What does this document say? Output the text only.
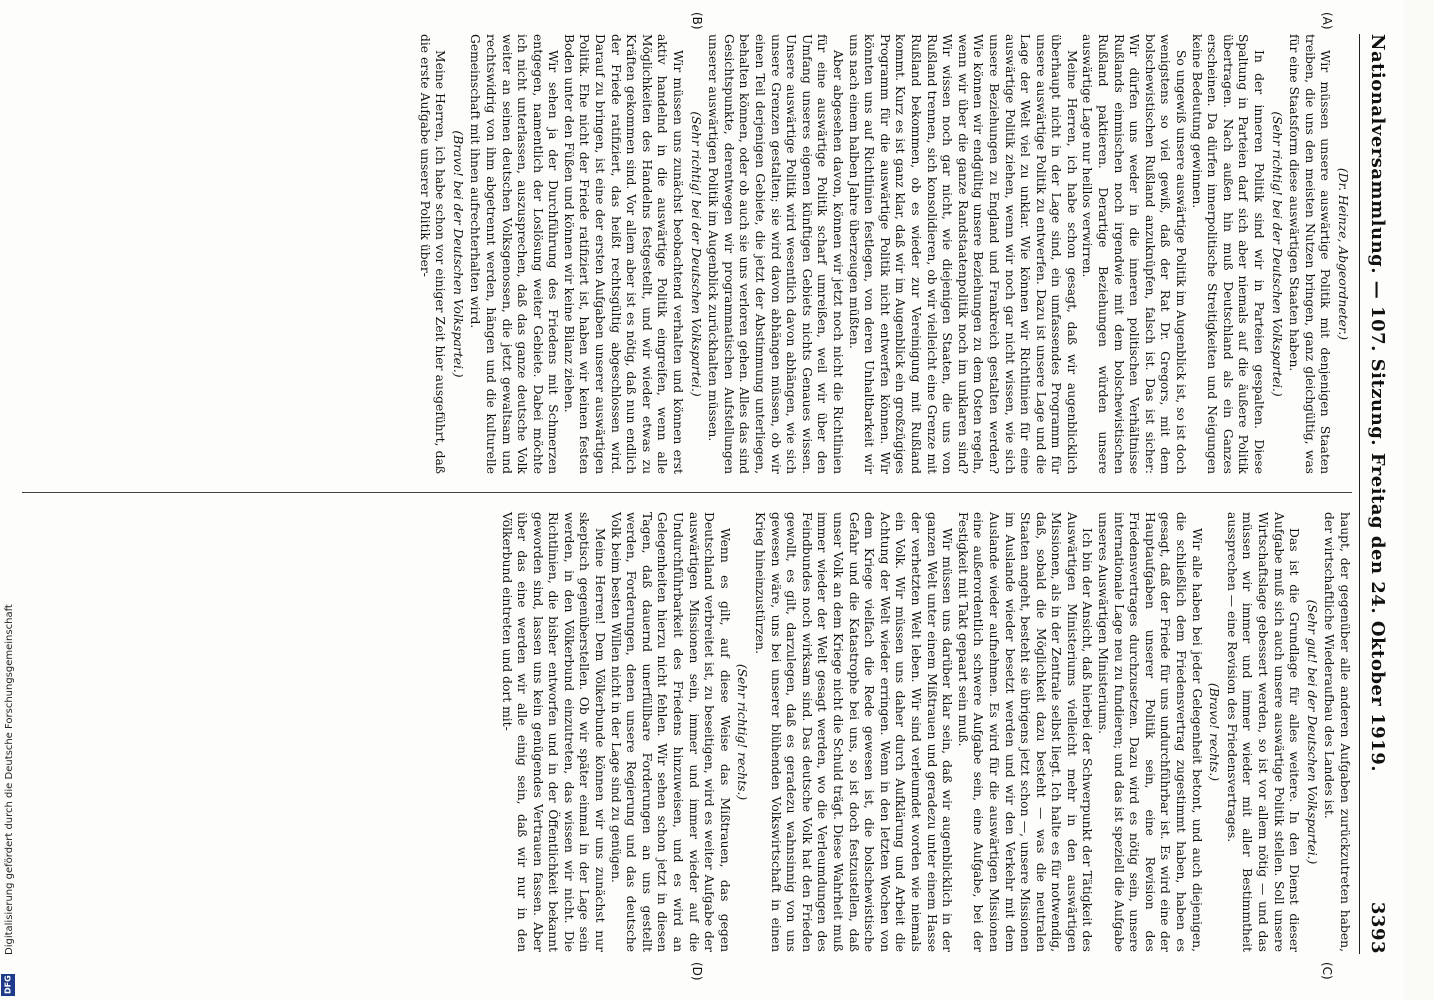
Nationalversammlung. — 107. Sitzung. Freitag den 24. Oktober 1919.
3393

(Dr. Heinze, Abgeordneter.)

Wir müssen unsere auswärtige Politik mit denjenigen Staaten treiben, die uns den meisten Nutzen bringen, ganz gleichgültig, was für eine Staatsform diese auswärtigen Staaten haben.

(Sehr richtig! bei der Deutschen Volkspartei.)

In der inneren Politik sind wir in Parteien gespalten. Diese Spaltung in Parteien darf sich aber niemals auf die äußere Politik übertragen. Nach außen hin muß Deutschland als ein Ganzes erscheinen. Da dürfen innerpolitische Streitigkeiten und Neigungen keine Bedeutung gewinnen.

So ungewiß unsere auswärtige Politik im Augenblick ist, so ist doch wenigstens so viel gewiß, daß der Rat Dr. Gregors, mit dem bolschewistischen Rußland anzuknüpfen, falsch ist. Das ist sicher: Wir dürfen uns weder in die inneren politischen Verhältnisse Rußlands einmischen noch irgendwie mit dem bolschewistischen Rußland paktieren. Derartige Beziehungen würden unsere auswärtige Lage nur heillos verwirren.

Meine Herren, ich habe schon gesagt, daß wir augenblicklich überhaupt nicht in der Lage sind, ein umfassendes Programm für unsere auswärtige Politik zu entwerfen. Dazu ist unsere Lage und die Lage der Welt viel zu unklar. Wie können wir Richtlinien für eine auswärtige Politik ziehen, wenn wir noch gar nicht wissen, wie sich unsere Beziehungen zu England und Frankreich gestalten werden? Wie können wir endgültig unsere Beziehungen zu dem Osten regeln, wenn wir über die ganze Randstaatenpolitik noch im unklaren sind? Wir wissen noch gar nicht, wie diejenigen Staaten, die uns von Rußland trennen, sich konsolidieren, ob wir vielleicht eine Grenze mit Rußland bekommen, ob es wieder zur Vereinigung mit Rußland kommt. Kurz es ist ganz klar, daß wir im Augenblick ein großzügiges Programm für die auswärtige Politik nicht entwerfen können. Wir könnten uns auf Richtlinien festlegen, von deren Unhaltbarkeit wir uns nach einem halben Jahre überzeugen müßten.

Aber abgesehen davon, können wir jetzt noch nicht die Richtlinien für eine auswärtige Politik scharf umreißen, weil wir über den Umfang unseres eigenen künftigen Gebiets nichts Genaues wissen. Unsere auswärtige Politik wird wesentlich davon abhängen, wie sich unsere Grenzen gestalten; sie wird davon abhängen müssen, ob wir einen Teil derjenigen Gebiete, die jetzt der Abstimmung unterliegen, behalten können, oder ob auch sie uns verloren gehen. Alles das sind Gesichtspunkte, derentwegen wir programmatischen Aufstellungen unserer auswärtigen Politik im Augenblick zurückhalten müssen.

(Sehr richtig! bei der Deutschen Volkspartei.)

Wir müssen uns zunächst beobachtend verhalten und können erst aktiv handelnd in die auswärtige Politik eingreifen, wenn alle Möglichkeiten des Handelns festgestellt, und wir wieder etwas zu Kräften gekommen sind. Vor allem aber ist es nötig, daß nun endlich der Friede ratifiziert, das heißt rechtsgültig abgeschlossen wird. Darauf zu bringen, ist eine der ersten Aufgaben unserer auswärtigen Politik. Ehe nicht der Friede ratifiziert ist, haben wir keinen festen Boden unter den Füßen und können wir keine Bilanz ziehen.

Wir sehen ja der Durchführung des Friedens mit Schmerzen entgegen, namentlich der Loslösung weiter Gebiete. Dabei möchte ich nicht unterlassen, auszusprechen, daß das ganze deutsche Volk weiter an seinen deutschen Volksgenossen, die jetzt gewaltsam und rechtswidrig von ihm abgetrennt werden, hängen und die kulturelle Gemeinschaft mit ihnen aufrechterhalten wird.

(Bravo! bei der Deutschen Volkspartei.)

Meine Herren, ich habe schon vor einiger Zeit hier ausgeführt, daß die erste Aufgabe unserer Politik über-

haupt, der gegenüber alle anderen Aufgaben zurückzutreten haben, der wirtschaftliche Wiederaufbau des Landes ist.

(Sehr gut! bei der Deutschen Volkspartei.)

Das ist die Grundlage für alles weitere. In den Dienst dieser Aufgabe muß sich auch unsere auswärtige Politik stellen. Soll unsere Wirtschaftslage gebessert werden, so ist vor allem nötig — und das müssen wir immer und immer wieder mit aller Bestimmtheit aussprechen — eine Revision des Friedensvertrages.

(Bravo! rechts.)

Wir alle haben bei jeder Gelegenheit betont, und auch diejenigen, die schließlich dem Friedensvertrag zugestimmt haben, haben es gesagt, daß der Friede für uns undurchführbar ist. Es wird eine der Hauptaufgaben unserer Politik sein, eine Revision des Friedensvertrages durchzusetzen. Dazu wird es nötig sein, unsere internationale Lage neu zu fundieren; und das ist speziell die Aufgabe unseres Auswärtigen Ministeriums.

Ich bin der Ansicht, daß hierbei der Schwerpunkt der Tätigkeit des Auswärtigen Ministeriums vielleicht mehr in den auswärtigen Missionen, als in der Zentrale selbst liegt. Ich halte es für notwendig, daß, sobald die Möglichkeit dazu besteht — was die neutralen Staaten angeht, besteht sie übrigens jetzt schon —, unsere Missionen im Auslande wieder besetzt werden und wir den Verkehr mit dem Auslande wieder aufnehmen. Es wird für die auswärtigen Missionen eine außerordentlich schwere Aufgabe sein, eine Aufgabe, bei der Festigkeit mit Takt gepaart sein muß.

Wir müssen uns darüber klar sein, daß wir augenblicklich in der ganzen Welt unter einem Mißtrauen und geradezu unter einem Hasse der verhetzten Welt leben. Wir sind verleumdet worden wie niemals ein Volk. Wir müssen uns daher durch Aufklärung und Arbeit die Achtung der Welt wieder erringen. Wenn in den letzten Wochen von dem Kriege vielfach die Rede gewesen ist, die bolschewistische Gefahr und die Katastrophe bei uns, so ist doch festzustellen, daß unser Volk an dem Kriege nicht die Schuld trägt. Diese Wahrheit muß immer wieder der Welt gesagt werden, wo die Verleumdungen des Feindbundes noch wirksam sind. Das deutsche Volk hat den Frieden gewollt, es gilt, darzulegen, daß es geradezu wahnsinnig von uns gewesen wäre, uns bei unserer blühenden Volkswirtschaft in einen Krieg hineinzustürzen.

(Sehr richtig! rechts.)

Wenn es gilt, auf diese Weise das Mißtrauen, das gegen Deutschland verbreitet ist, zu beseitigen, wird es weiter Aufgabe der auswärtigen Missionen sein, immer und immer wieder auf die Undurchführbarkeit des Friedens hinzuweisen, und es wird an Gelegenheiten hierzu nicht fehlen. Wir sehen schon jetzt in diesen Tagen, daß dauernd unerfüllbare Forderungen an uns gestellt werden, Forderungen, denen unsere Regierung und das deutsche Volk beim besten Willen nicht in der Lage sind zu genügen.

Meine Herren! Dem Völkerbunde können wir uns zunächst nur skeptisch gegenüberstellen. Ob wir später einmal in der Lage sein werden, in den Völkerbund einzutreten, das wissen wir nicht. Die Richtlinien, die bisher entworfen und in der Öffentlichkeit bekannt geworden sind, lassen uns kein genügendes Vertrauen fassen. Aber über das eine werden wir alle einig sein, daß wir nur in den Völkerbund eintreten und dort mit-

(A)
(B)
(C)
(D)
Digitalisierung gefördert durch die Deutsche Forschungsgemeinschaft
DFG
